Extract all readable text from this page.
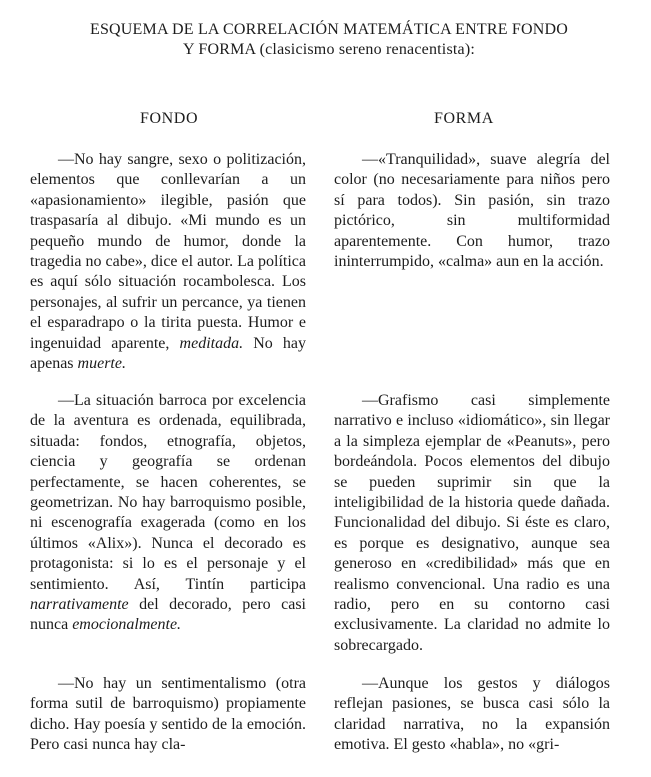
ESQUEMA DE LA CORRELACIÓN MATEMÁTICA ENTRE FONDO
Y FORMA (clasicismo sereno renacentista):
FONDO	FORMA

—No hay sangre, sexo o politización, elementos que conllevarían a un «apasionamiento» ilegible, pasión que traspasaría al dibujo. «Mi mundo es un pequeño mundo de humor, donde la tragedia no cabe», dice el autor. La política es aquí sólo situación rocambolesca. Los personajes, al sufrir un percance, ya tienen el esparadrapo o la tirita puesta. Humor e ingenuidad aparente, meditada. No hay apenas muerte.

—La situación barroca por excelencia de la aventura es ordenada, equilibrada, situada: fondos, etnografía, objetos, ciencia y geografía se ordenan perfectamente, se hacen coherentes, se geometrizan. No hay barroquismo posible, ni escenografía exagerada (como en los últimos «Alix»). Nunca el decorado es protagonista: si lo es el personaje y el sentimiento. Así, Tintín participa narrativamente del decorado, pero casi nunca emocionalmente.

—No hay un sentimentalismo (otra forma sutil de barroquismo) propiamente dicho. Hay poesía y sentido de la emoción. Pero casi nunca hay cla-

—«Tranquilidad», suave alegría del color (no necesariamente para niños pero sí para todos). Sin pasión, sin trazo pictórico, sin multiformidad aparentemente. Con humor, trazo ininterrumpido, «calma» aun en la acción.

—Grafismo casi simplemente narrativo e incluso «idiomático», sin llegar a la simpleza ejemplar de «Peanuts», pero bordeándola. Pocos elementos del dibujo se pueden suprimir sin que la inteligibilidad de la historia quede dañada. Funcionalidad del dibujo. Si éste es claro, es porque es designativo, aunque sea generoso en «credibilidad» más que en realismo convencional. Una radio es una radio, pero en su contorno casi exclusivamente. La claridad no admite lo sobrecargado.

—Aunque los gestos y diálogos reflejan pasiones, se busca casi sólo la claridad narrativa, no la expansión emotiva. El gesto «habla», no «gri-
